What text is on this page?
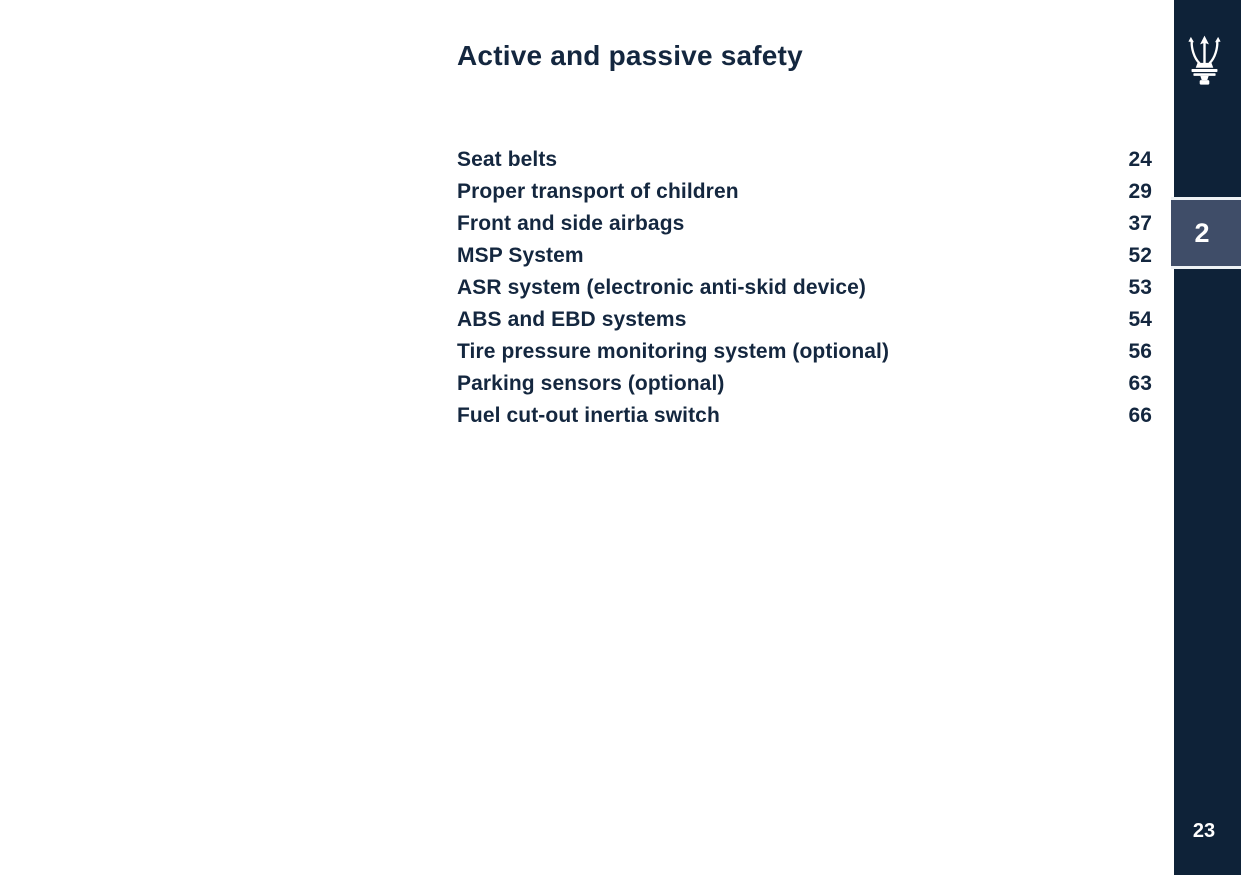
Active and passive safety
Seat belts	24
Proper transport of children	29
Front and side airbags	37
MSP System	52
ASR system (electronic anti-skid device)	53
ABS and EBD systems	54
Tire pressure monitoring system (optional)	56
Parking sensors (optional)	63
Fuel cut-out inertia switch	66
2
23
